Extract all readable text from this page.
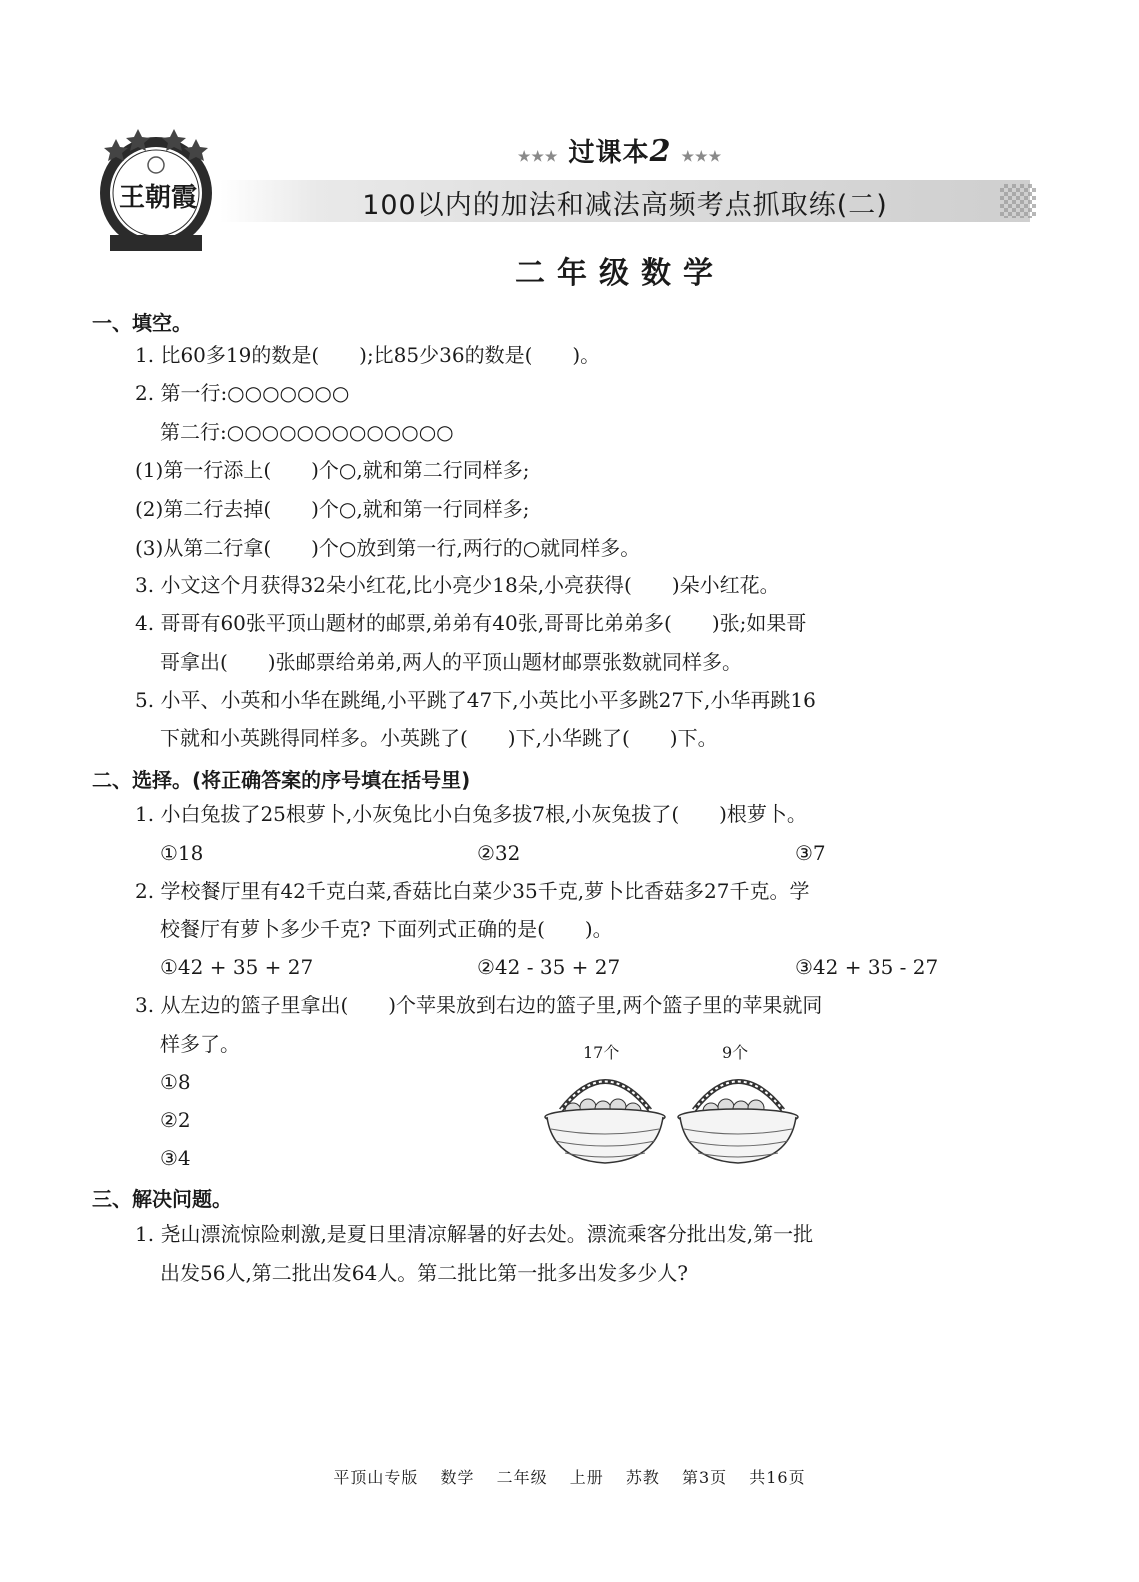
王朝霞
★★★ 过课本2 ★★★
100以内的加法和减法高频考点抓取练(二)
二年级数学
一、填空。
1. 比60多19的数是(　　);比85少36的数是(　　)。
2. 第一行:○○○○○○○
第二行:○○○○○○○○○○○○○
(1)第一行添上(　　)个○,就和第二行同样多;
(2)第二行去掉(　　)个○,就和第一行同样多;
(3)从第二行拿(　　)个○放到第一行,两行的○就同样多。
3. 小文这个月获得32朵小红花,比小亮少18朵,小亮获得(　　)朵小红花。
4. 哥哥有60张平顶山题材的邮票,弟弟有40张,哥哥比弟弟多(　　)张;如果哥
哥拿出(　　)张邮票给弟弟,两人的平顶山题材邮票张数就同样多。
5. 小平、小英和小华在跳绳,小平跳了47下,小英比小平多跳27下,小华再跳16
下就和小英跳得同样多。小英跳了(　　)下,小华跳了(　　)下。
二、选择。(将正确答案的序号填在括号里)
1. 小白兔拔了25根萝卜,小灰兔比小白兔多拔7根,小灰兔拔了(　　)根萝卜。
①18	②32	③7
2. 学校餐厅里有42千克白菜,香菇比白菜少35千克,萝卜比香菇多27千克。学
校餐厅有萝卜多少千克? 下面列式正确的是(　　)。
①42 + 35 + 27	②42 - 35 + 27	③42 + 35 - 27
3. 从左边的篮子里拿出(　　)个苹果放到右边的篮子里,两个篮子里的苹果就同
样多了。
①8
②2
③4
17个	9个
三、解决问题。
1. 尧山漂流惊险刺激,是夏日里清凉解暑的好去处。漂流乘客分批出发,第一批
出发56人,第二批出发64人。第二批比第一批多出发多少人?
平顶山专版 数学 二年级 上册 苏教 第3页 共16页
